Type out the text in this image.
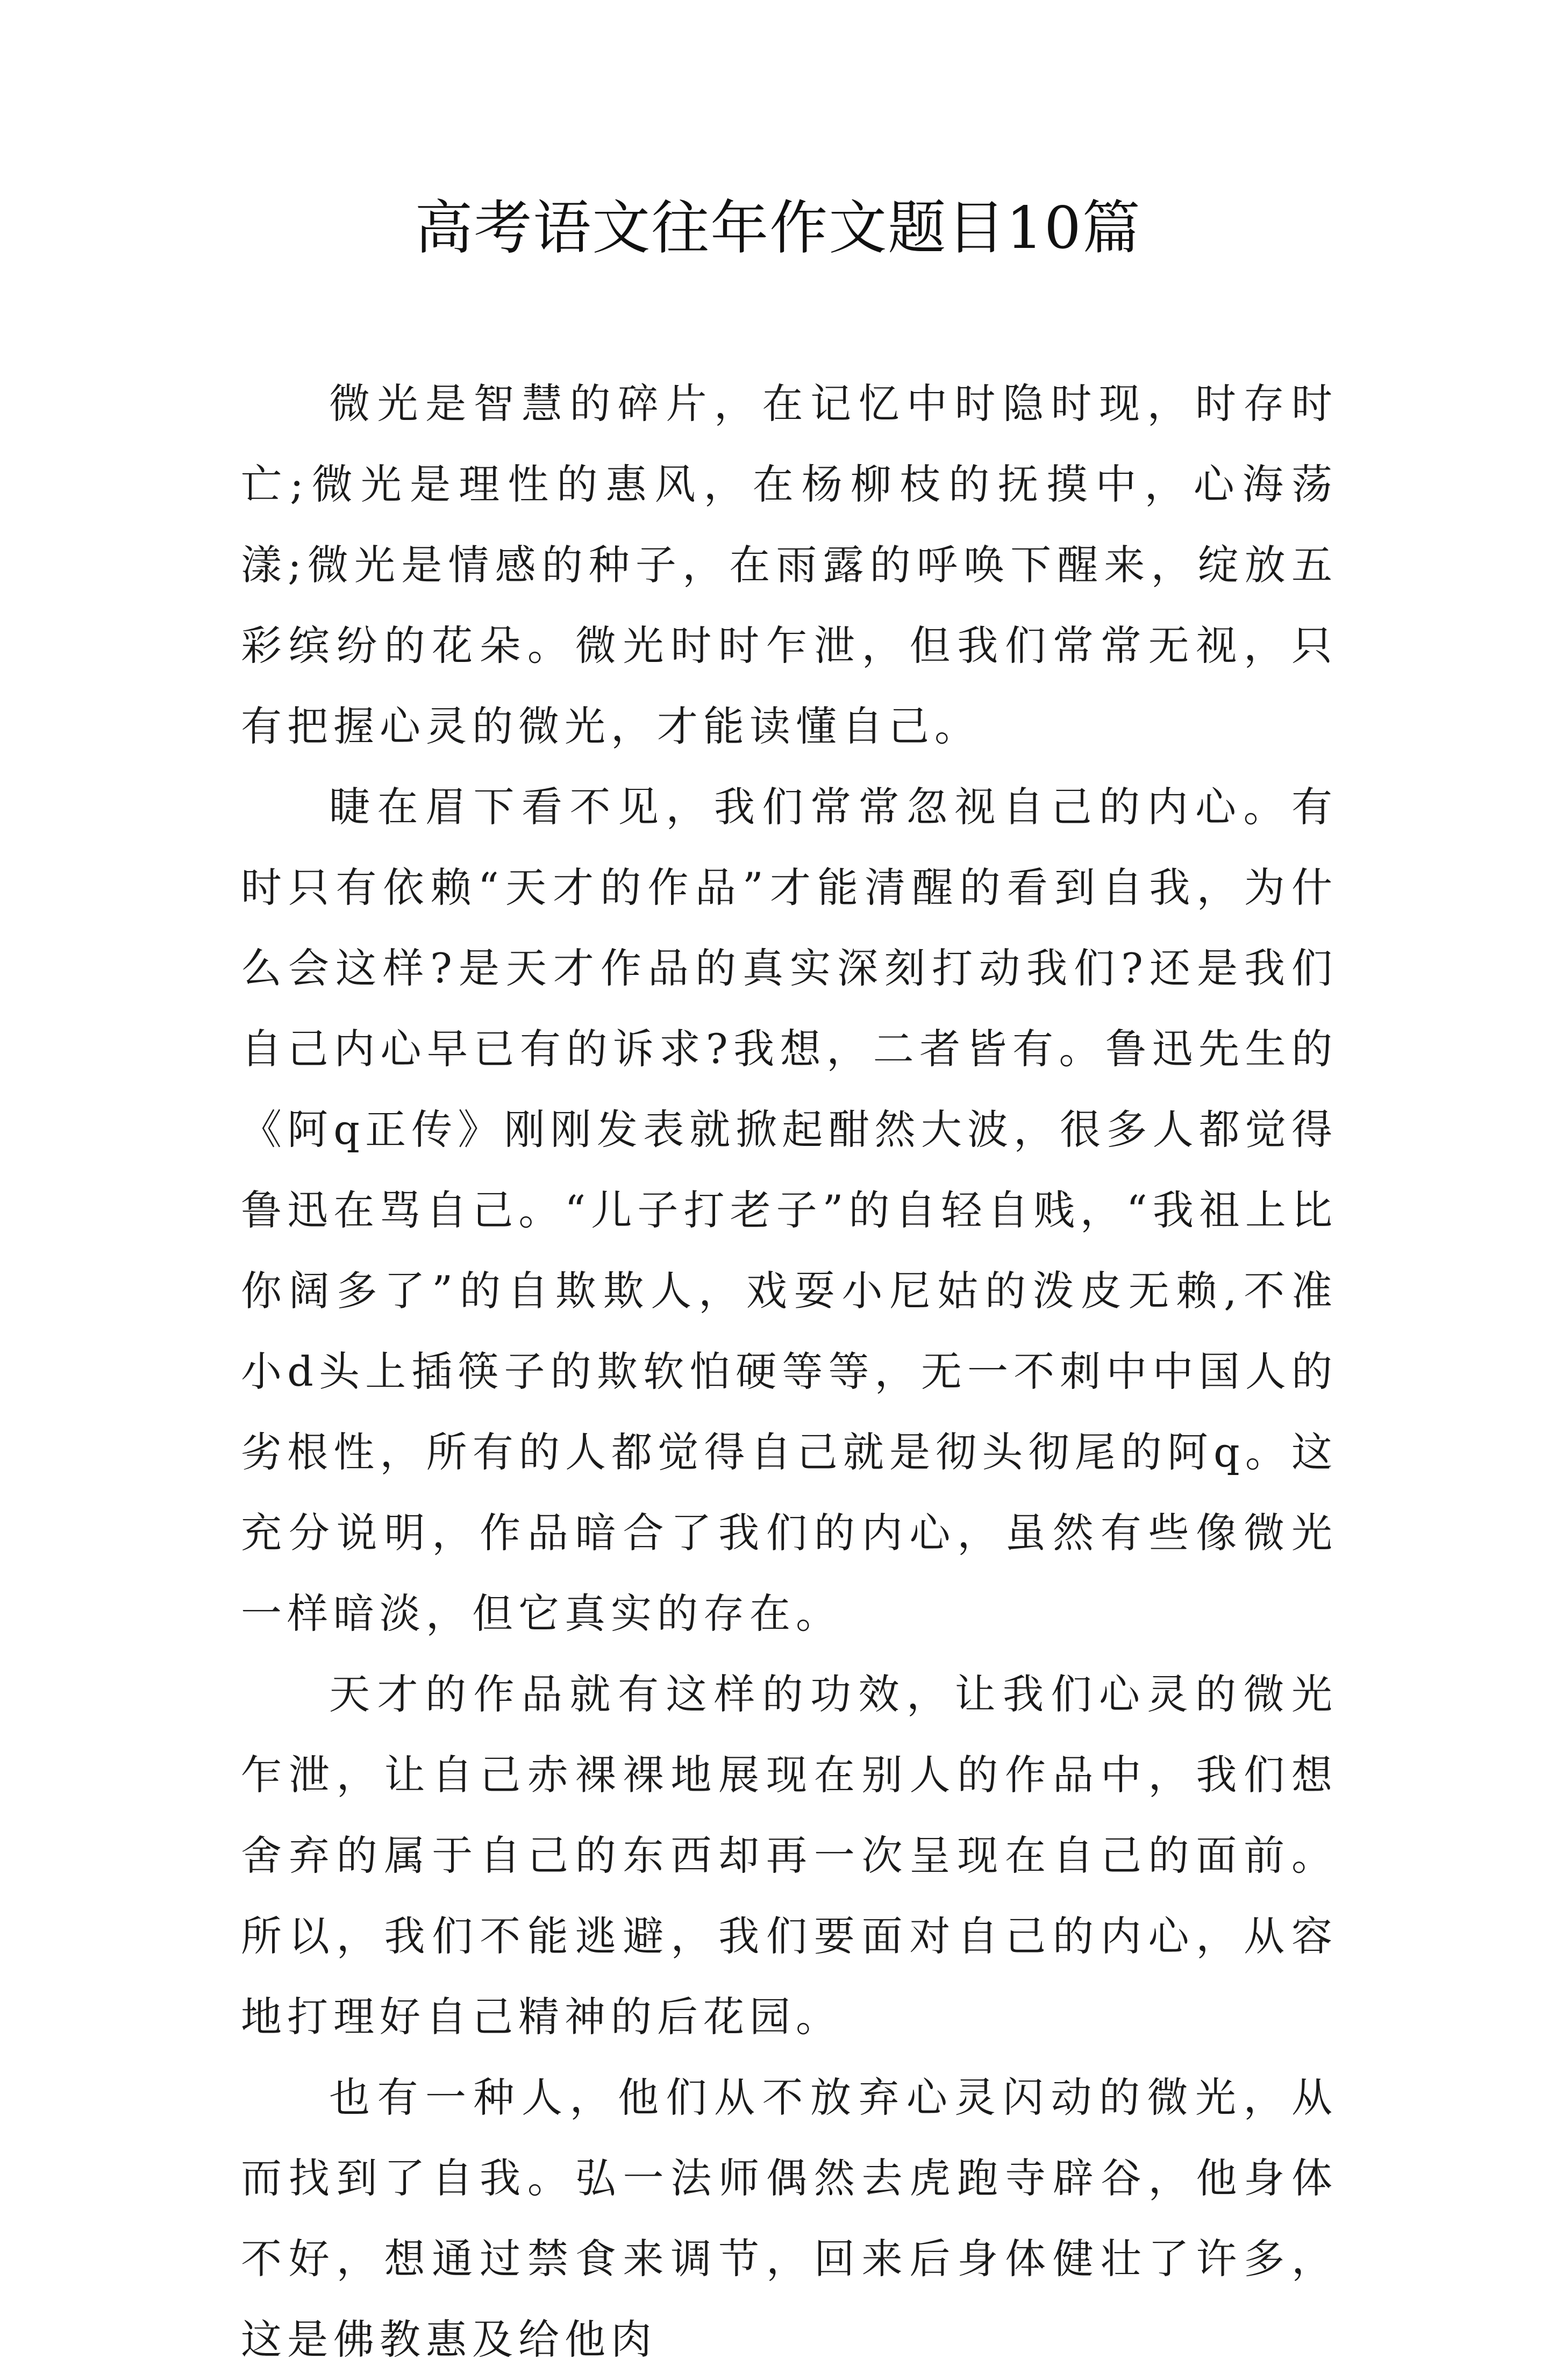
高考语文往年作文题目10篇

微光是智慧的碎片，在记忆中时隐时现，时存时亡;微光是理性的惠风，在杨柳枝的抚摸中，心海荡漾;微光是情感的种子，在雨露的呼唤下醒来，绽放五彩缤纷的花朵。微光时时乍泄，但我们常常无视，只有把握心灵的微光，才能读懂自己。

睫在眉下看不见，我们常常忽视自己的内心。有时只有依赖“天才的作品”才能清醒的看到自我，为什么会这样?是天才作品的真实深刻打动我们?还是我们自己内心早已有的诉求?我想，二者皆有。鲁迅先生的《阿q正传》刚刚发表就掀起酣然大波，很多人都觉得鲁迅在骂自己。“儿子打老子”的自轻自贱，“我祖上比你阔多了”的自欺欺人，戏耍小尼姑的泼皮无赖,不准小d头上插筷子的欺软怕硬等等，无一不刺中中国人的劣根性，所有的人都觉得自己就是彻头彻尾的阿q。这充分说明，作品暗合了我们的内心，虽然有些像微光一样暗淡，但它真实的存在。

天才的作品就有这样的功效，让我们心灵的微光乍泄，让自己赤裸裸地展现在别人的作品中，我们想舍弃的属于自己的东西却再一次呈现在自己的面前。所以，我们不能逃避，我们要面对自己的内心，从容地打理好自己精神的后花园。

也有一种人，他们从不放弃心灵闪动的微光，从而找到了自我。弘一法师偶然去虎跑寺辟谷，他身体不好，想通过禁食来调节，回来后身体健壮了许多，这是佛教惠及给他肉
